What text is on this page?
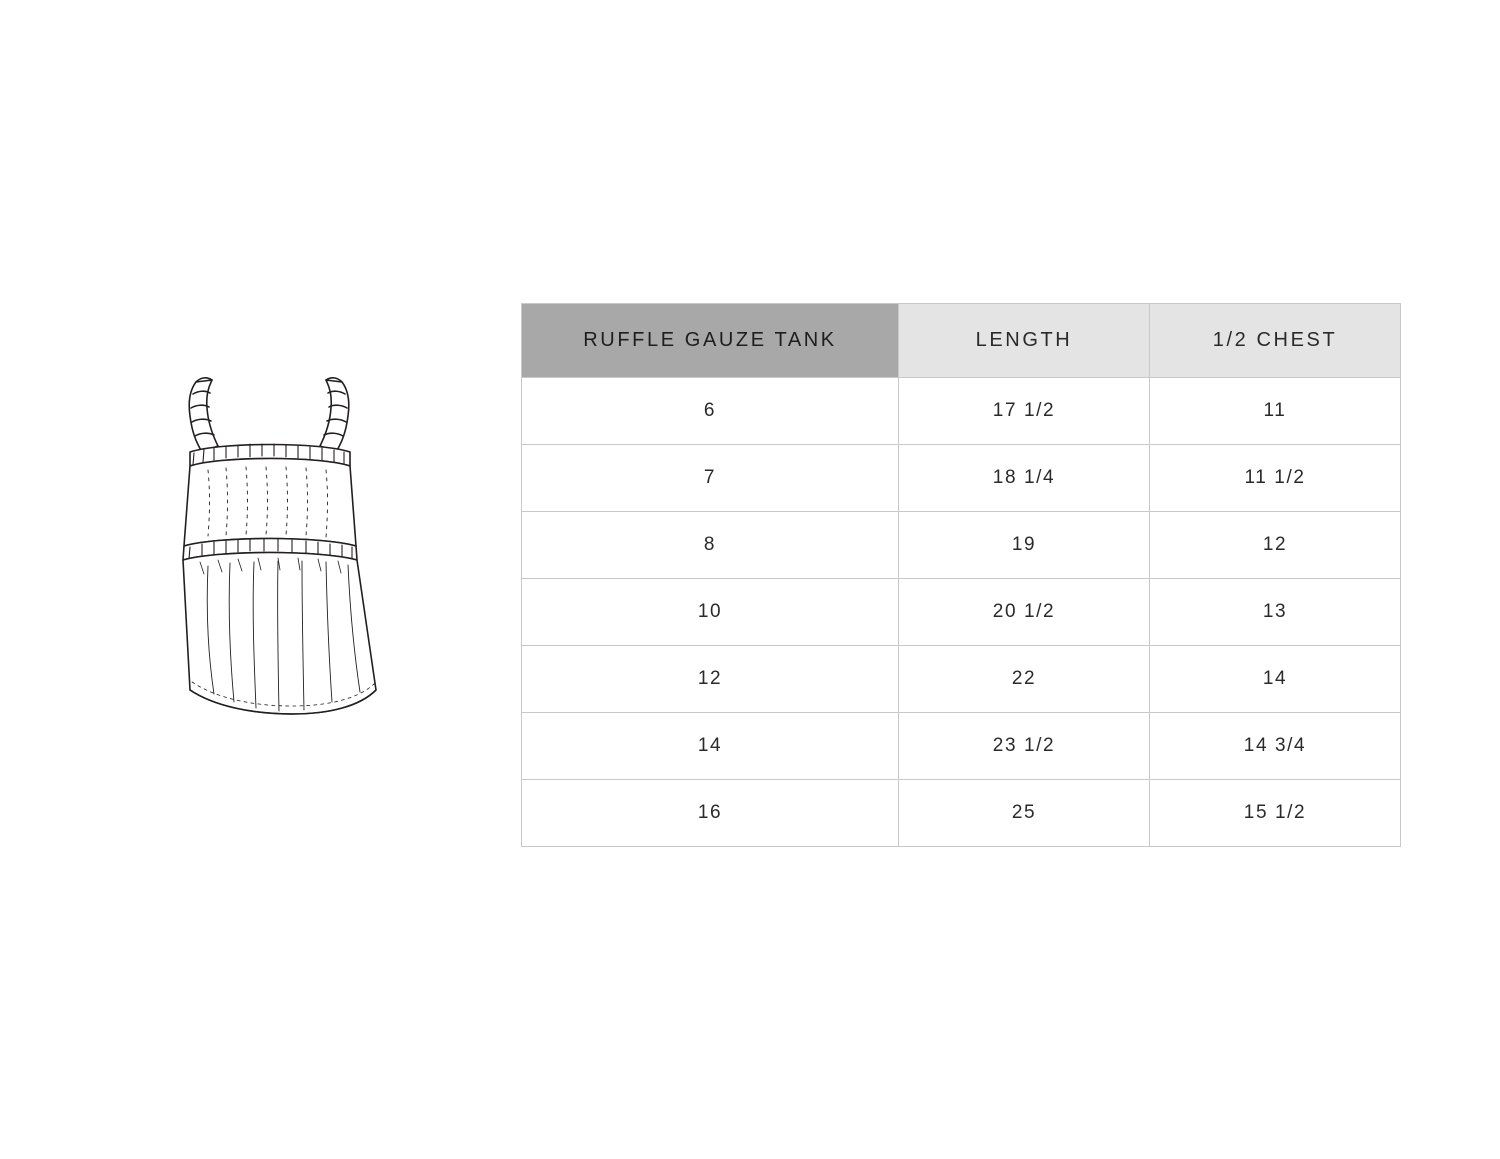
RUFFLE GAUZE TANK	LENGTH	1/2 CHEST
6	17 1/2	11
7	18 1/4	11 1/2
8	19	12
10	20 1/2	13
12	22	14
14	23 1/2	14 3/4
16	25	15 1/2
